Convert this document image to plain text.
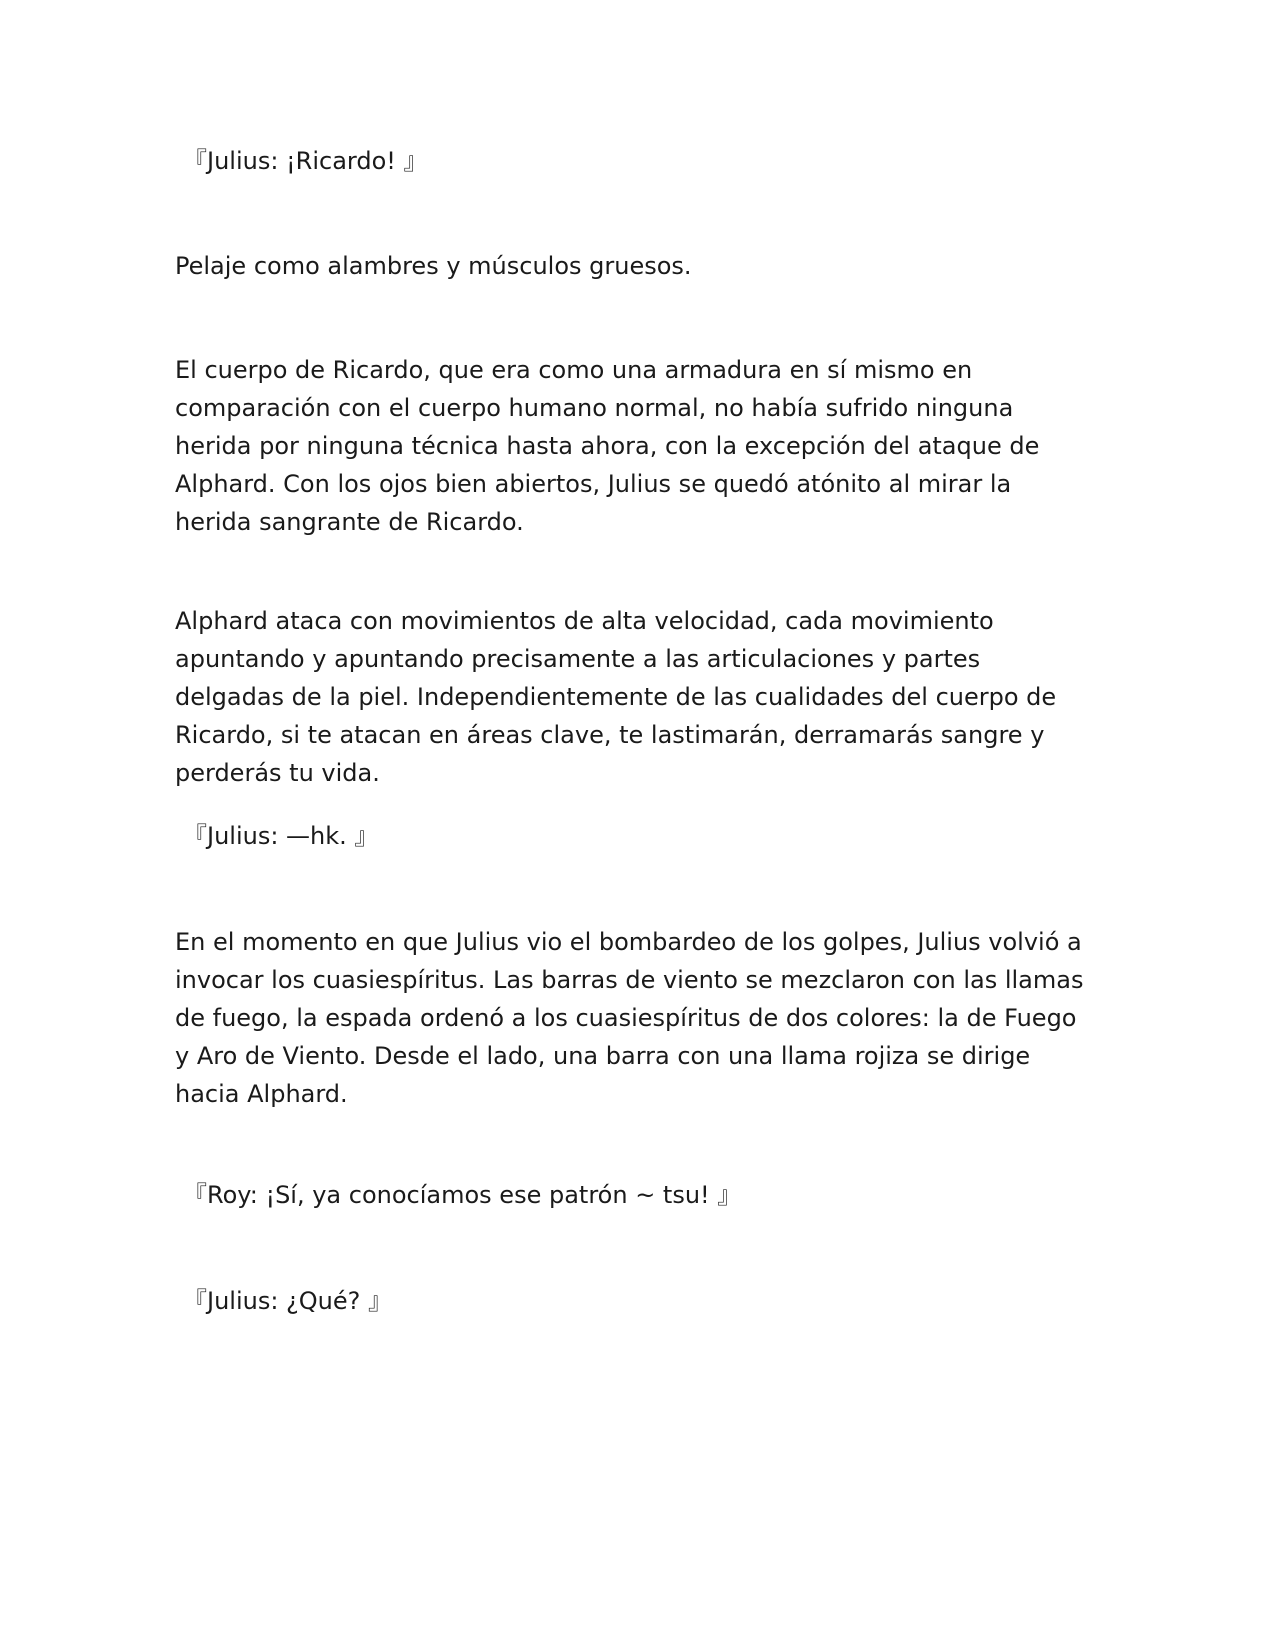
『Julius: ¡Ricardo! 』

Pelaje como alambres y músculos gruesos.

El cuerpo de Ricardo, que era como una armadura en sí mismo en comparación con el cuerpo humano normal, no había sufrido ninguna herida por ninguna técnica hasta ahora, con la excepción del ataque de Alphard. Con los ojos bien abiertos, Julius se quedó atónito al mirar la herida sangrante de Ricardo.

Alphard ataca con movimientos de alta velocidad, cada movimiento apuntando y apuntando precisamente a las articulaciones y partes delgadas de la piel. Independientemente de las cualidades del cuerpo de Ricardo, si te atacan en áreas clave, te lastimarán, derramarás sangre y perderás tu vida.

『Julius: —hk. 』

En el momento en que Julius vio el bombardeo de los golpes, Julius volvió a invocar los cuasiespíritus. Las barras de viento se mezclaron con las llamas de fuego, la espada ordenó a los cuasiespíritus de dos colores: la de Fuego y Aro de Viento. Desde el lado, una barra con una llama rojiza se dirige hacia Alphard.

『Roy: ¡Sí, ya conocíamos ese patrón ~ tsu! 』

『Julius: ¿Qué? 』
